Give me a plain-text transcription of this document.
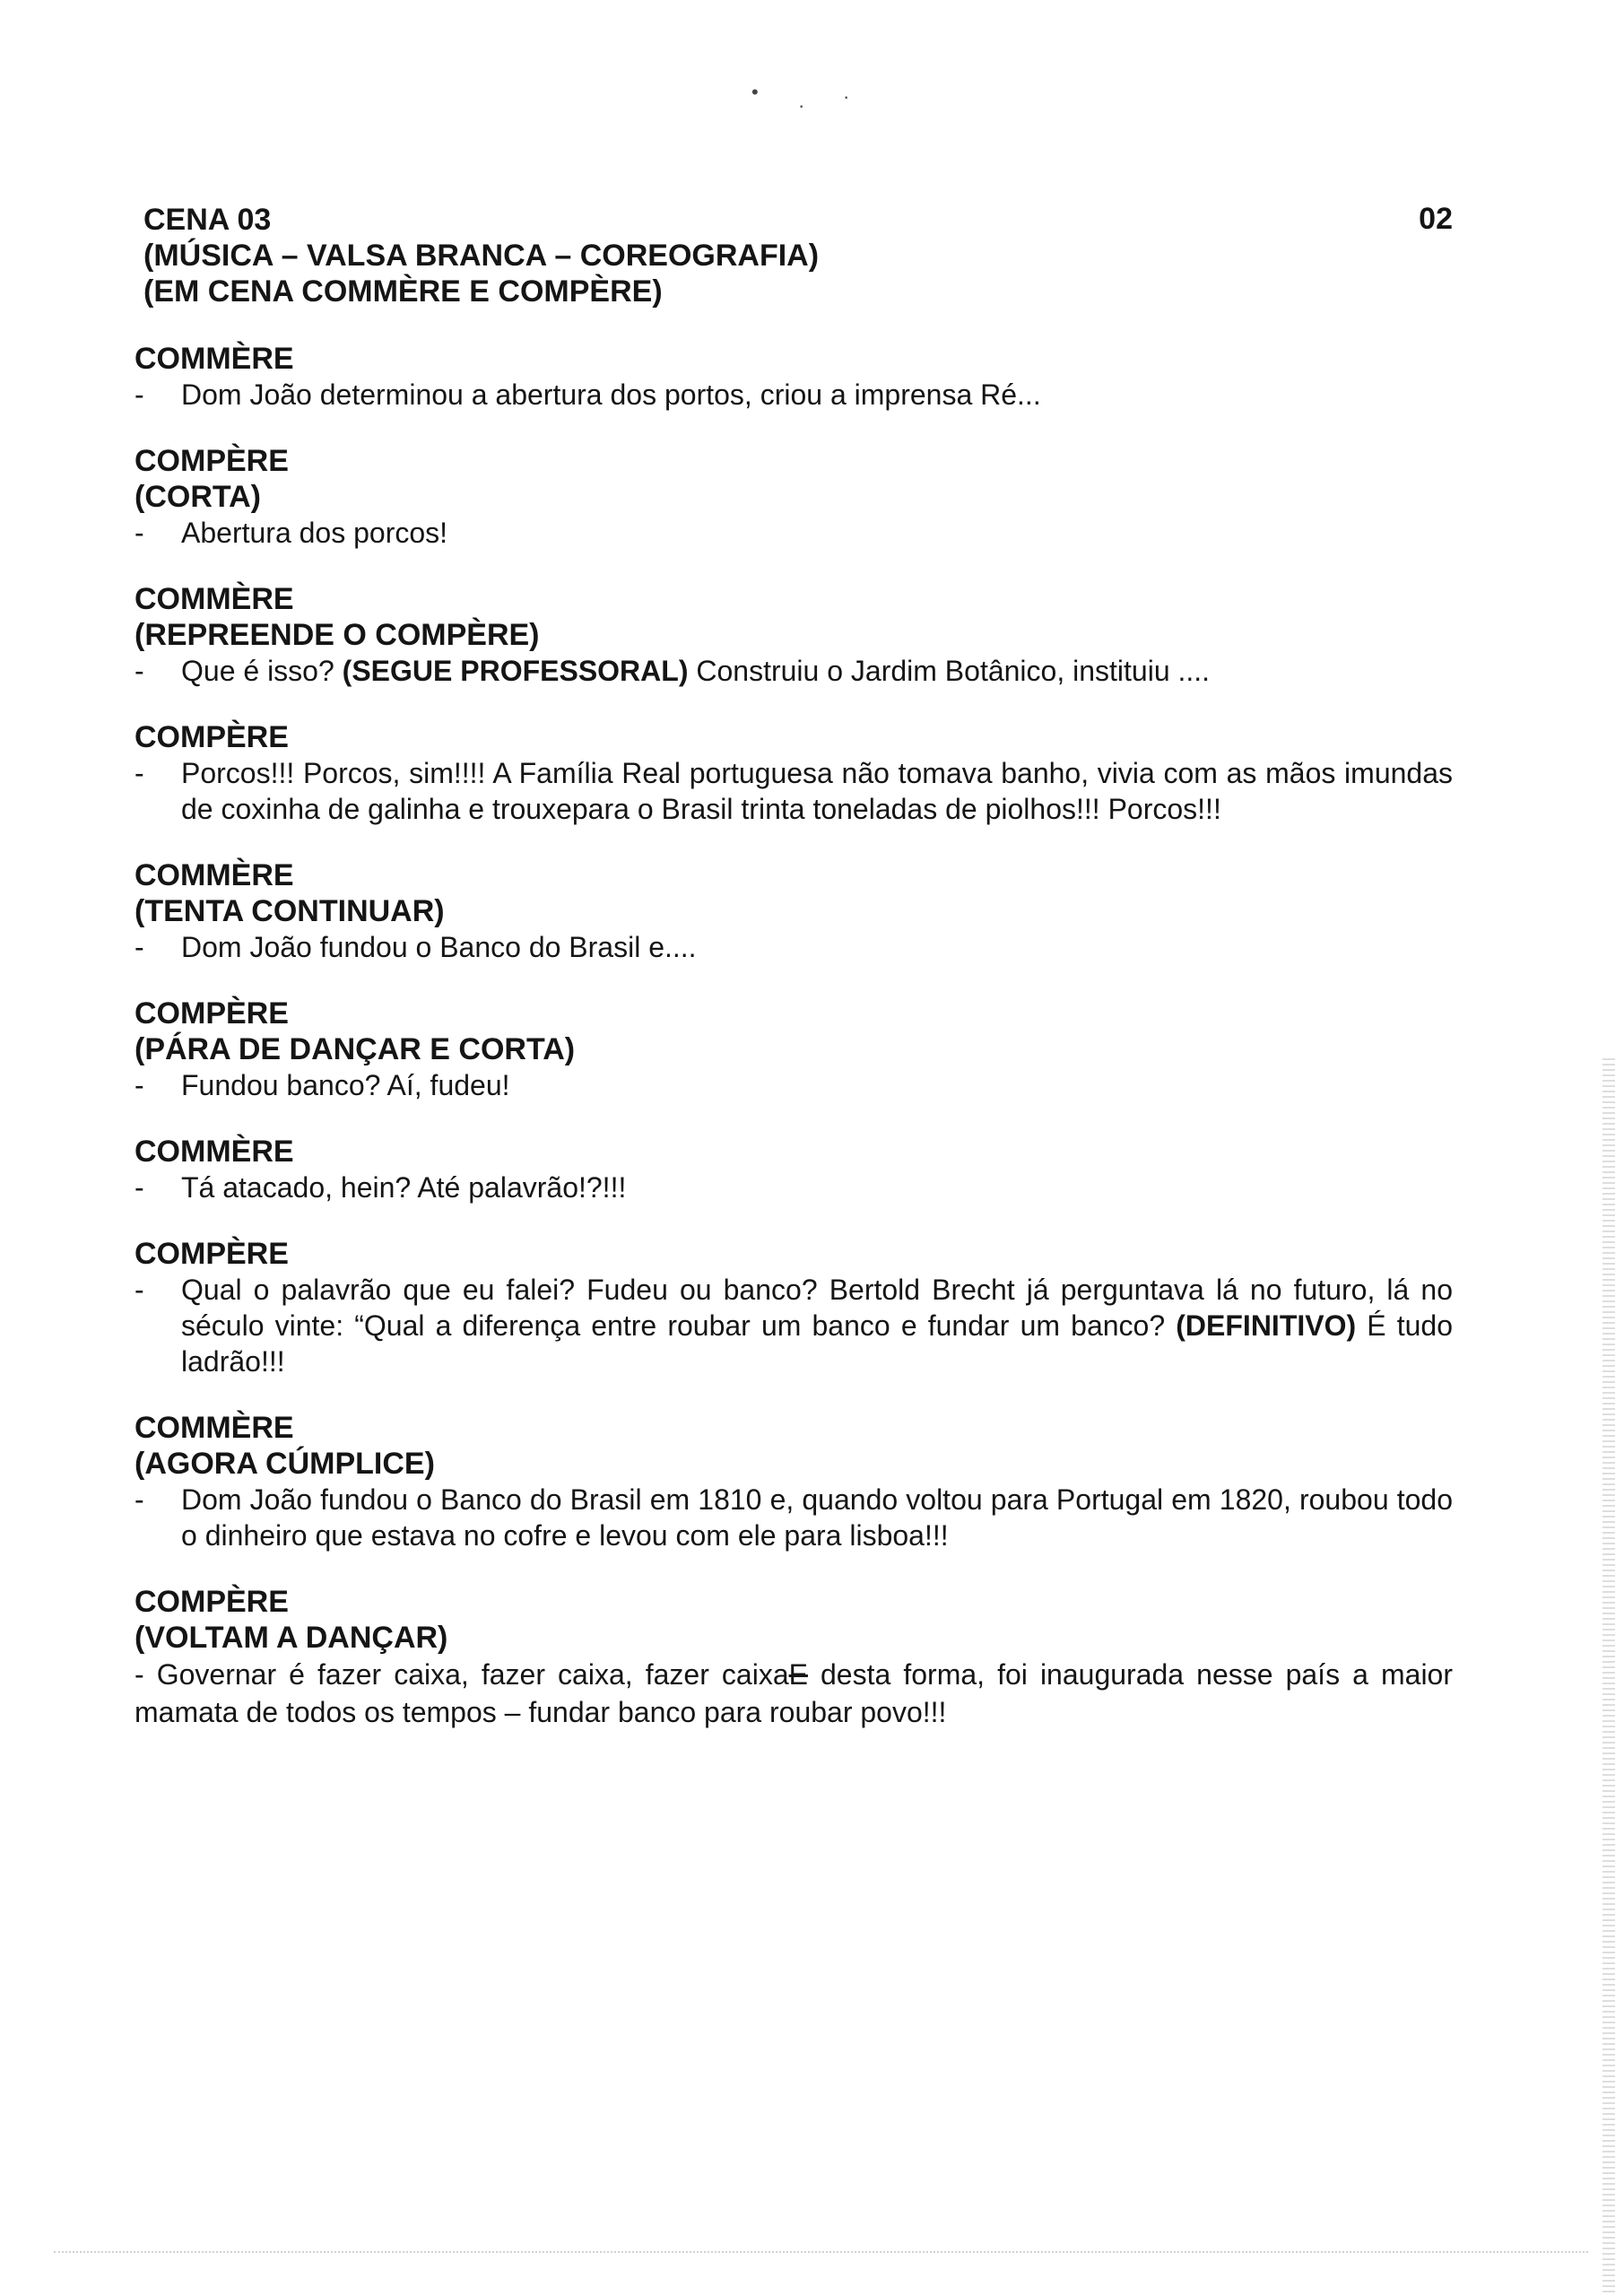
•
· ·
CENA 03
(MÚSICA – VALSA BRANCA – COREOGRAFIA)
(EM CENA COMMÈRE E COMPÈRE)
02
COMMÈRE
-	Dom João determinou a abertura dos portos, criou a imprensa Ré...
COMPÈRE
(CORTA)
-	Abertura dos porcos!
COMMÈRE
(REPREENDE O COMPÈRE)
-	Que é isso? (SEGUE PROFESSORAL) Construiu o Jardim Botânico, instituiu ....
COMPÈRE
-	Porcos!!! Porcos, sim!!!! A Família Real portuguesa não tomava banho, vivia com as mãos imundas de coxinha de galinha e trouxepara o Brasil trinta toneladas de piolhos!!! Porcos!!!
COMMÈRE
(TENTA CONTINUAR)
-	Dom João fundou o Banco do Brasil e....
COMPÈRE
(PÁRA DE DANÇAR E CORTA)
-	Fundou banco? Aí, fudeu!
COMMÈRE
-	Tá atacado, hein? Até palavrão!?!!!
COMPÈRE
-	Qual o palavrão que eu falei? Fudeu ou banco? Bertold Brecht já perguntava lá no futuro, lá no século vinte: “Qual a diferença entre roubar um banco e fundar um banco? (DEFINITIVO) É tudo ladrão!!!
COMMÈRE
(AGORA CÚMPLICE)
-	Dom João fundou o Banco do Brasil em 1810 e, quando voltou para Portugal em 1820, roubou todo o dinheiro que estava no cofre e levou com ele para lisboa!!!
COMPÈRE
(VOLTAM A DANÇAR)
- Governar é fazer caixa, fazer caixa, fazer caixaE desta forma, foi inaugurada nesse país a maior mamata de todos os tempos – fundar banco para roubar povo!!!
